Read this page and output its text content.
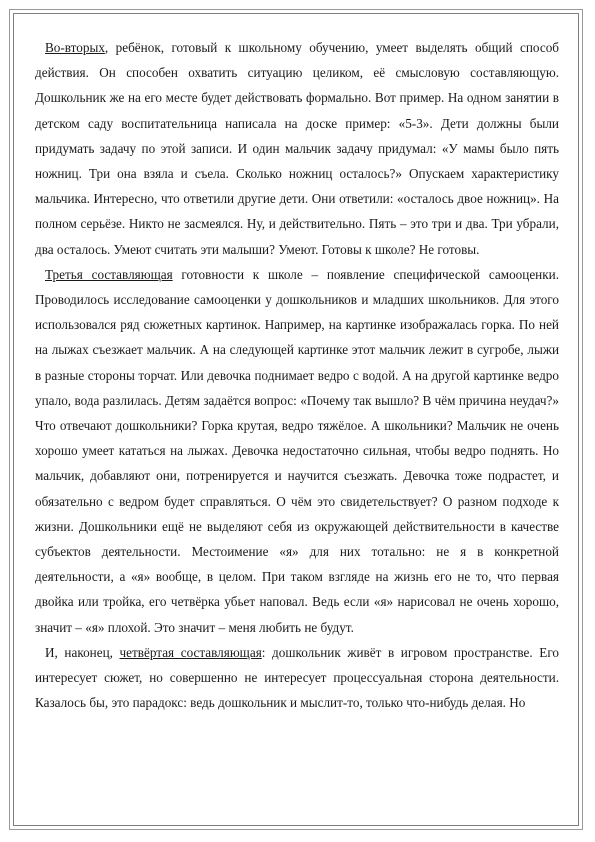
Во-вторых, ребёнок, готовый к школьному обучению, умеет выделять общий способ действия. Он способен охватить ситуацию целиком, её смысловую составляющую. Дошкольник же на его месте будет действовать формально. Вот пример. На одном занятии в детском саду воспитательница написала на доске пример: «5-3». Дети должны были придумать задачу по этой записи. И один мальчик задачу придумал: «У мамы было пять ножниц. Три она взяла и съела. Сколько ножниц осталось?» Опускаем характеристику мальчика. Интересно, что ответили другие дети. Они ответили: «осталось двое ножниц». На полном серьёзе. Никто не засмеялся. Ну, и действительно. Пять – это три и два. Три убрали, два осталось. Умеют считать эти малыши? Умеют. Готовы к школе? Не готовы.

Третья составляющая готовности к школе – появление специфической самооценки. Проводилось исследование самооценки у дошкольников и младших школьников. Для этого использовался ряд сюжетных картинок. Например, на картинке изображалась горка. По ней на лыжах съезжает мальчик. А на следующей картинке этот мальчик лежит в сугробе, лыжи в разные стороны торчат. Или девочка поднимает ведро с водой. А на другой картинке ведро упало, вода разлилась. Детям задаётся вопрос: «Почему так вышло? В чём причина неудач?» Что отвечают дошкольники? Горка крутая, ведро тяжёлое. А школьники? Мальчик не очень хорошо умеет кататься на лыжах. Девочка недостаточно сильная, чтобы ведро поднять. Но мальчик, добавляют они, потренируется и научится съезжать. Девочка тоже подрастет, и обязательно с ведром будет справляться. О чём это свидетельствует? О разном подходе к жизни. Дошкольники ещё не выделяют себя из окружающей действительности в качестве субъектов деятельности. Местоимение «я» для них тотально: не я в конкретной деятельности, а «я» вообще, в целом. При таком взгляде на жизнь его не то, что первая двойка или тройка, его четвёрка убьет наповал. Ведь если «я» нарисовал не очень хорошо, значит – «я» плохой. Это значит – меня любить не будут.

И, наконец, четвёртая составляющая: дошкольник живёт в игровом пространстве. Его интересует сюжет, но совершенно не интересует процессуальная сторона деятельности. Казалось бы, это парадокс: ведь дошкольник и мыслит-то, только что-нибудь делая. Но
